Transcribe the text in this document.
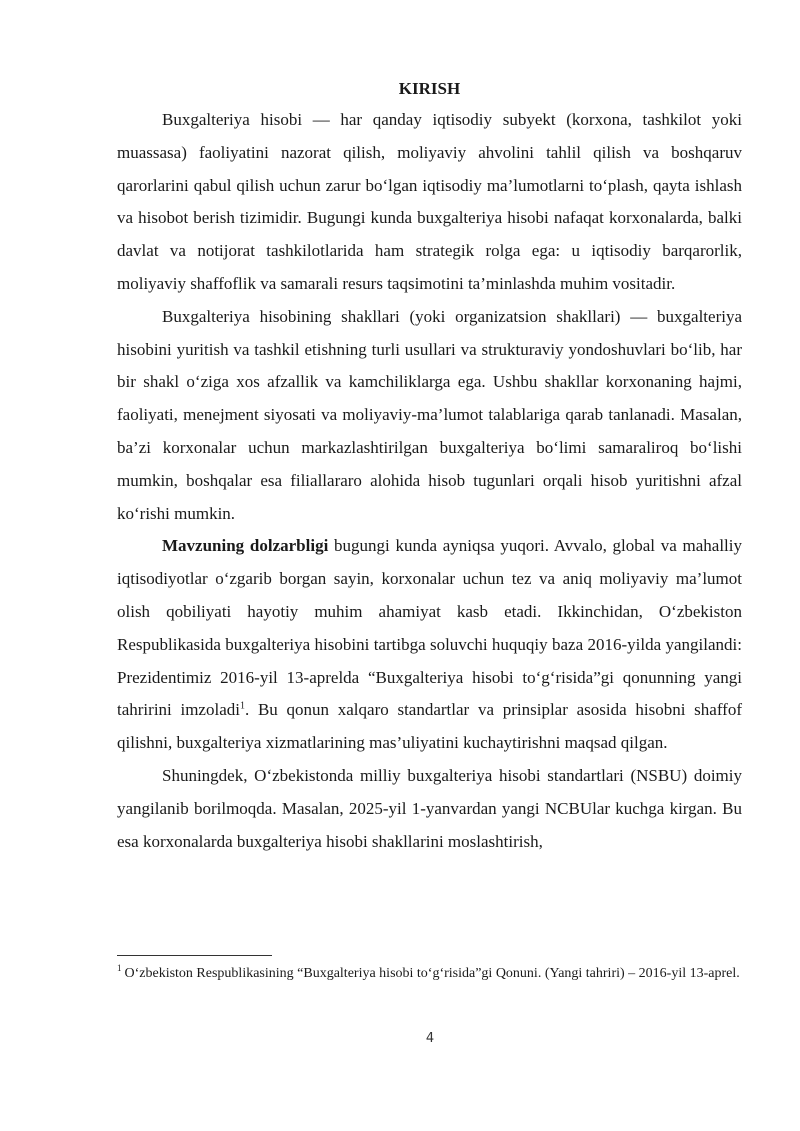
KIRISH

Buxgalteriya hisobi — har qanday iqtisodiy subyekt (korxona, tashkilot yoki muassasa) faoliyatini nazorat qilish, moliyaviy ahvolini tahlil qilish va boshqaruv qarorlarini qabul qilish uchun zarur bo‘lgan iqtisodiy ma’lumotlarni to‘plash, qayta ishlash va hisobot berish tizimidir. Bugungi kunda buxgalteriya hisobi nafaqat korxonalarda, balki davlat va notijorat tashkilotlarida ham strategik rolga ega: u iqtisodiy barqarorlik, moliyaviy shaffoflik va samarali resurs taqsimotini ta’minlashda muhim vositadir.

Buxgalteriya hisobining shakllari (yoki organizatsion shakllari) — buxgalteriya hisobini yuritish va tashkil etishning turli usullari va strukturaviy yondoshuvlari bo‘lib, har bir shakl o‘ziga xos afzallik va kamchiliklarga ega. Ushbu shakllar korxonaning hajmi, faoliyati, menejment siyosati va moliyaviy-ma’lumot talablariga qarab tanlanadi. Masalan, ba’zi korxonalar uchun markazlashtirilgan buxgalteriya bo‘limi samaraliroq bo‘lishi mumkin, boshqalar esa filiallararo alohida hisob tugunlari orqali hisob yuritishni afzal ko‘rishi mumkin.

Mavzuning dolzarbligi bugungi kunda ayniqsa yuqori. Avvalo, global va mahalliy iqtisodiyotlar o‘zgarib borgan sayin, korxonalar uchun tez va aniq moliyaviy ma’lumot olish qobiliyati hayotiy muhim ahamiyat kasb etadi. Ikkinchidan, O‘zbekiston Respublikasida buxgalteriya hisobini tartibga soluvchi huquqiy baza 2016-yilda yangilandi: Prezidentimiz 2016-yil 13-aprelda “Buxgalteriya hisobi to‘g‘risida”gi qonunning yangi tahririni imzoladi$^1$. Bu qonun xalqaro standartlar va prinsiplar asosida hisobni shaffof qilishni, buxgalteriya xizmatlarining mas’uliyatini kuchaytirishni maqsad qilgan.

Shuningdek, O‘zbekistonda milliy buxgalteriya hisobi standartlari (NSBU) doimiy yangilanib borilmoqda. Masalan, 2025-yil 1-yanvardan yangi NCBUlar kuchga kirgan. Bu esa korxonalarda buxgalteriya hisobi shakllarini moslashtirish,

$^1$ O‘zbekiston Respublikasining “Buxgalteriya hisobi to‘g‘risida”gi Qonuni. (Yangi tahriri) – 2016-yil 13-aprel.

4
